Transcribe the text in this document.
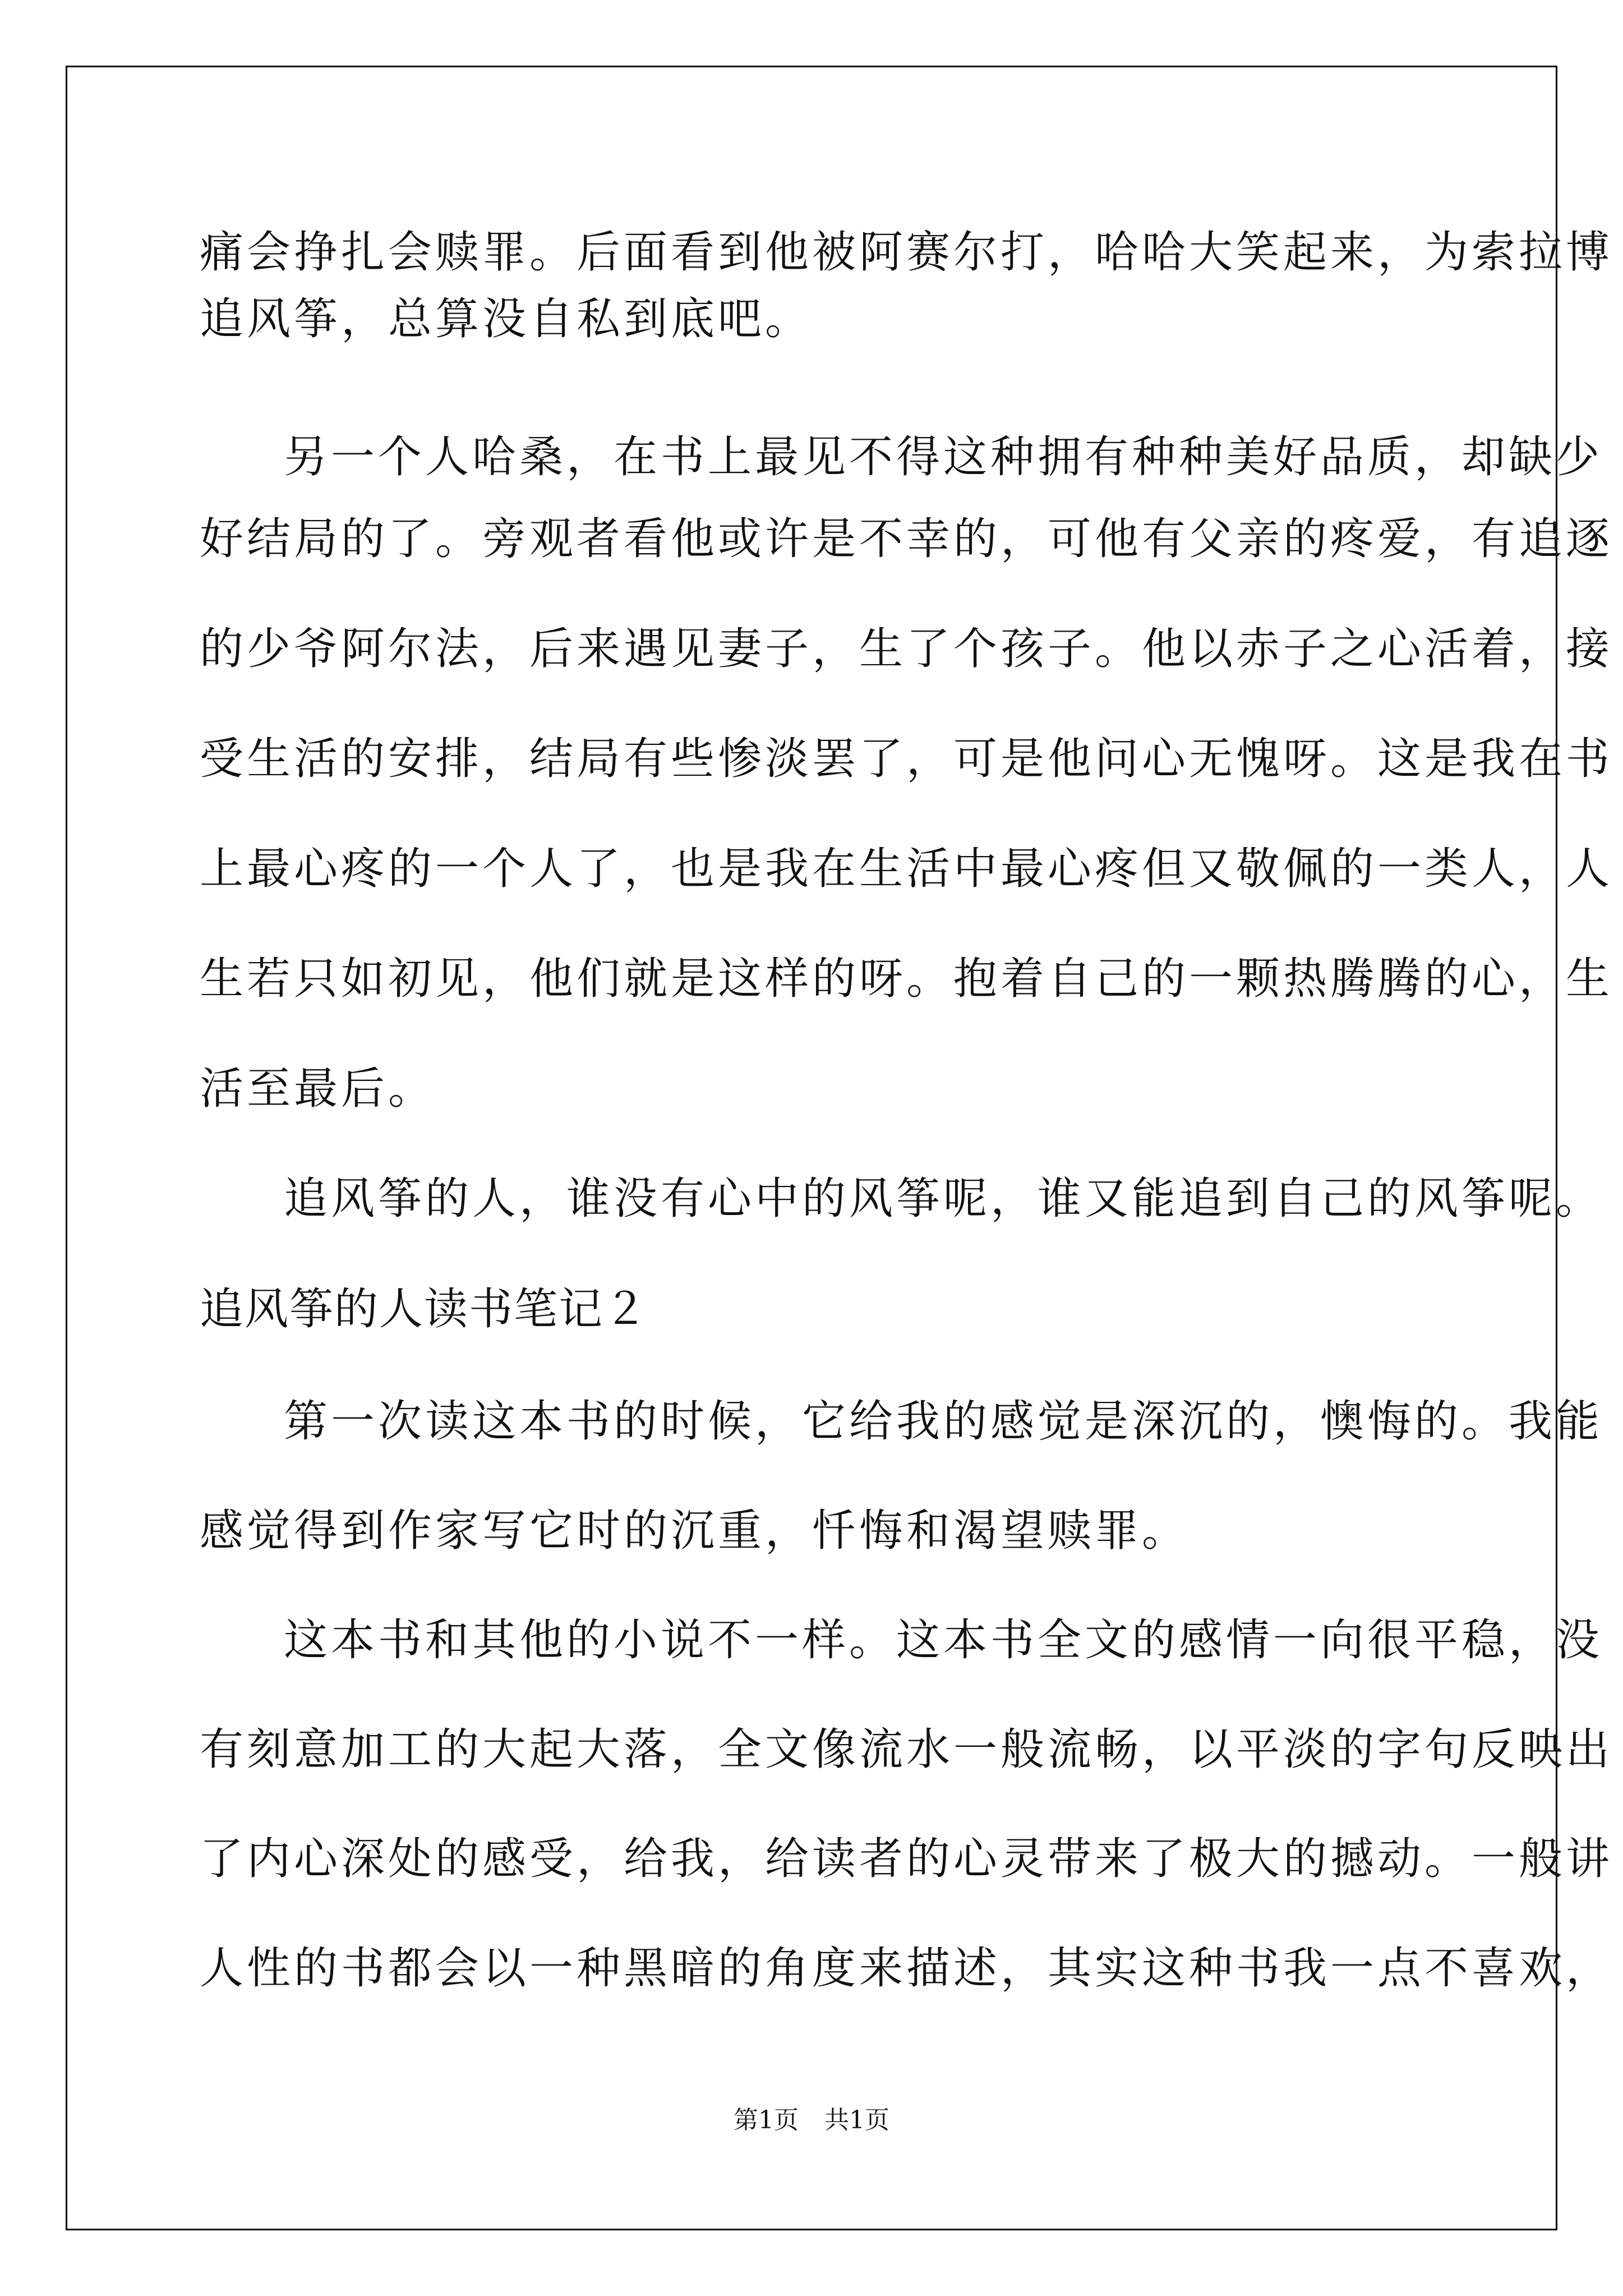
痛会挣扎会赎罪。后面看到他被阿赛尔打，哈哈大笑起来，为索拉博

追风筝，总算没自私到底吧。

另一个人哈桑，在书上最见不得这种拥有种种美好品质，却缺少

好结局的了。旁观者看他或许是不幸的，可他有父亲的疼爱，有追逐

的少爷阿尔法，后来遇见妻子，生了个孩子。他以赤子之心活着，接

受生活的安排，结局有些惨淡罢了，可是他问心无愧呀。这是我在书

上最心疼的一个人了，也是我在生活中最心疼但又敬佩的一类人，人

生若只如初见，他们就是这样的呀。抱着自己的一颗热腾腾的心，生

活至最后。

追风筝的人，谁没有心中的风筝呢，谁又能追到自己的风筝呢。

追风筝的人读书笔记２

第一次读这本书的时候，它给我的感觉是深沉的，懊悔的。我能

感觉得到作家写它时的沉重，忏悔和渴望赎罪。

这本书和其他的小说不一样。这本书全文的感情一向很平稳，没

有刻意加工的大起大落，全文像流水一般流畅，以平淡的字句反映出

了内心深处的感受，给我，给读者的心灵带来了极大的撼动。一般讲

人性的书都会以一种黑暗的角度来描述，其实这种书我一点不喜欢，

第1页 共1页
